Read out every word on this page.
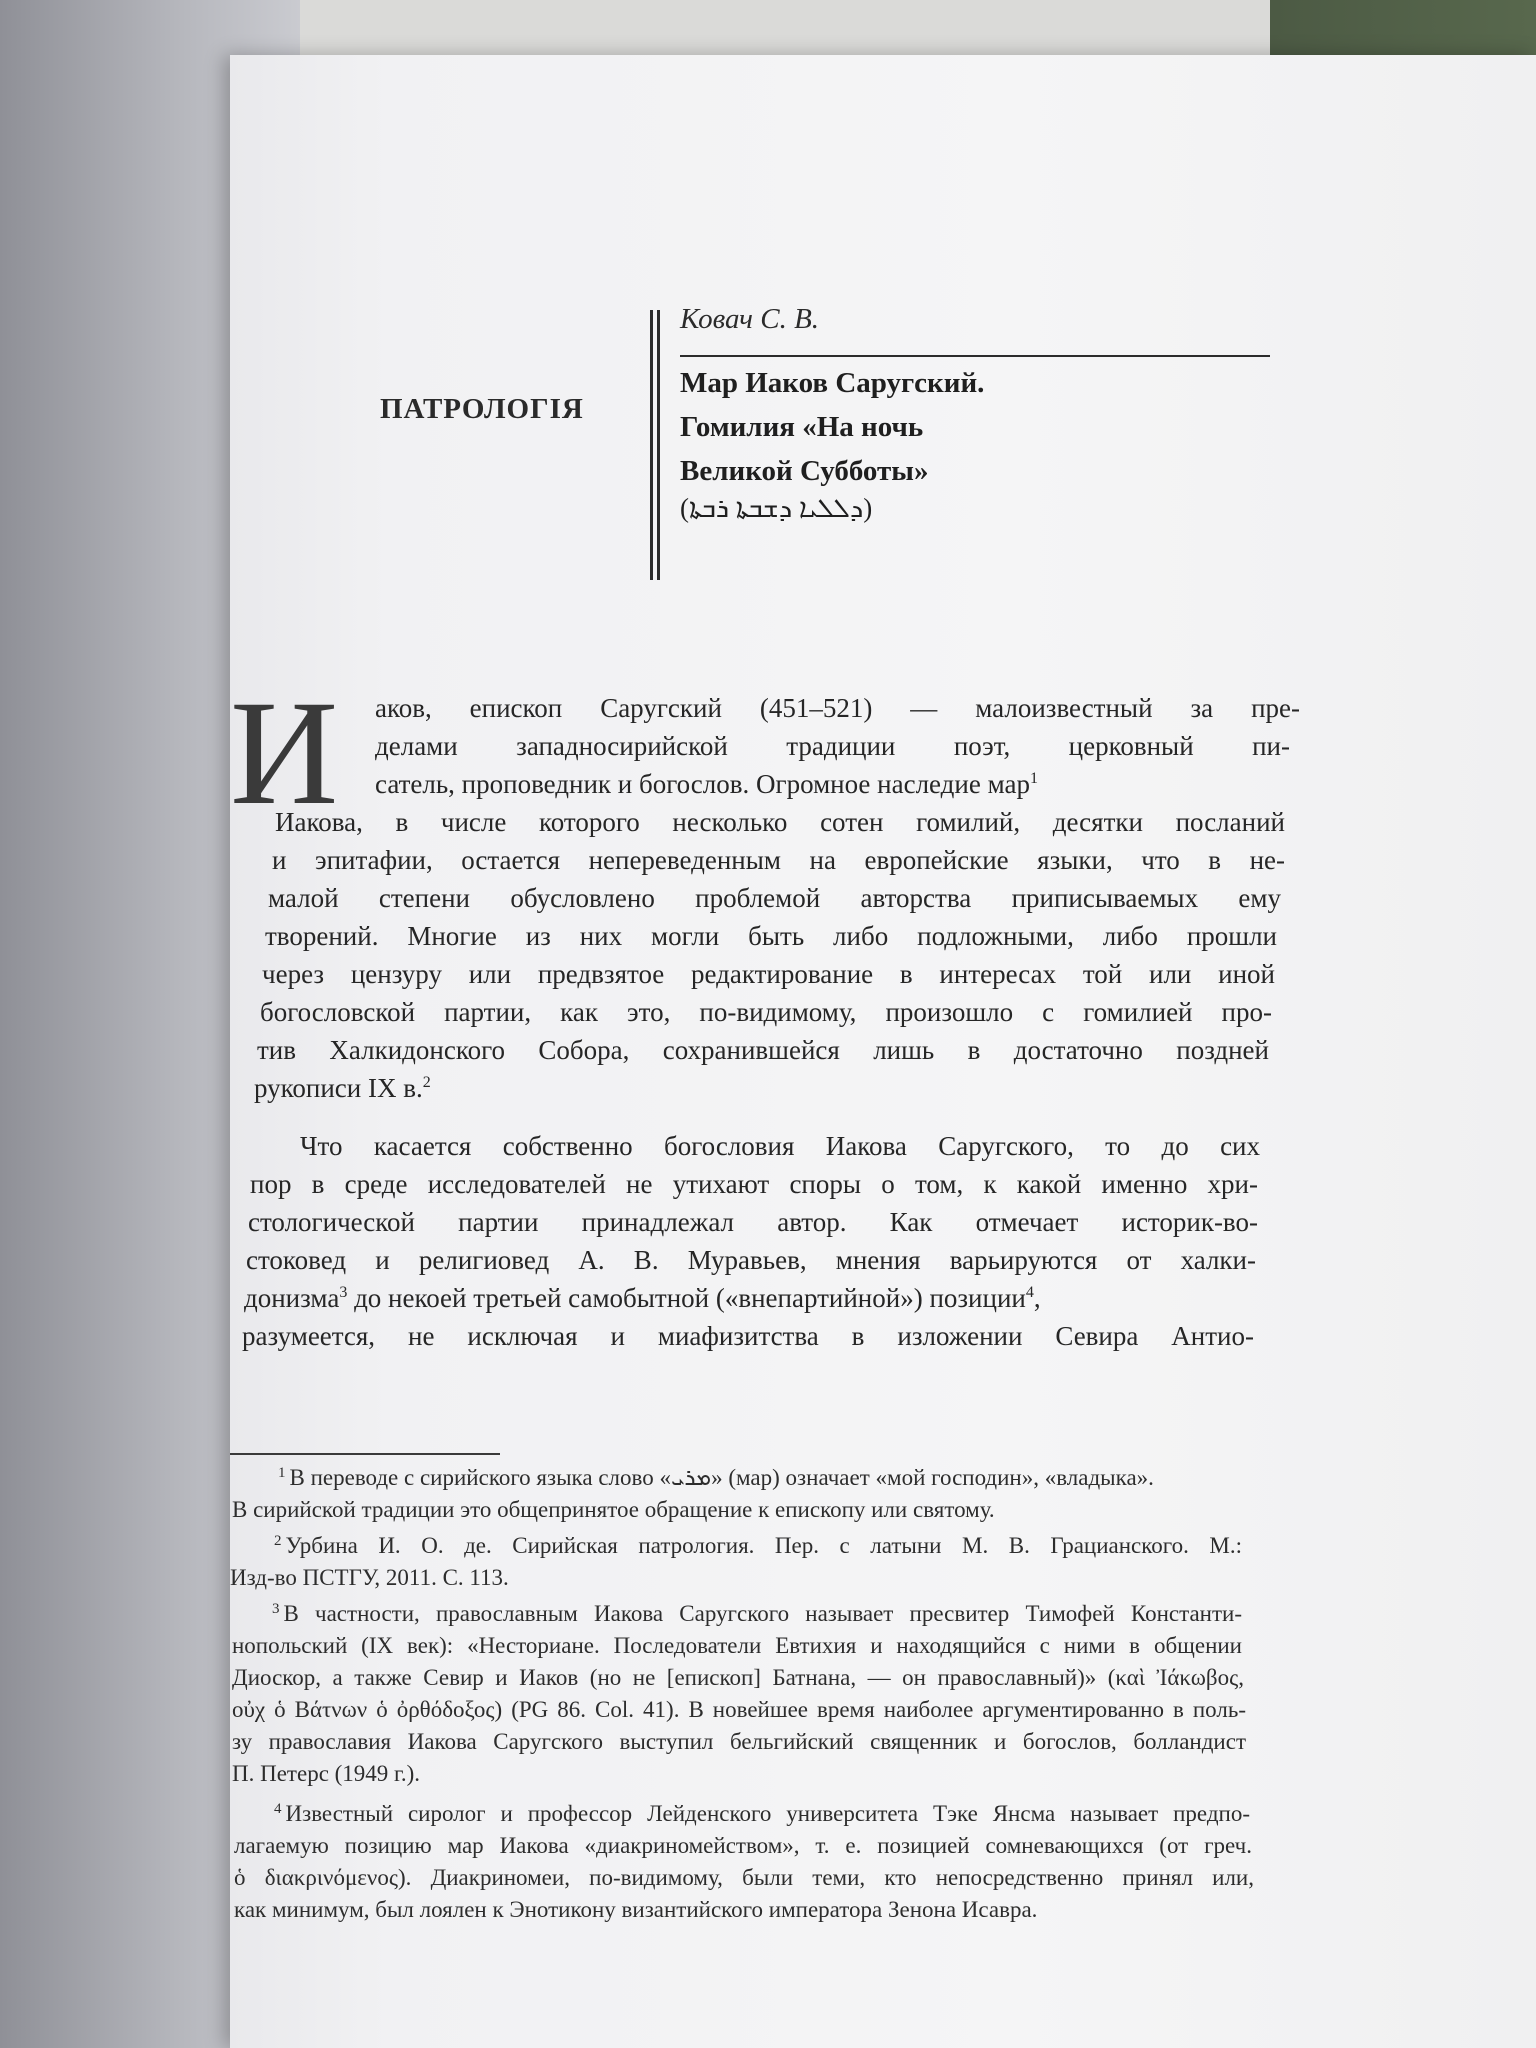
ПАТРОЛОГІЯ
Ковач С. В.
Мар Иаков Саругский.
Гомилия «На ночь
Великой Субботы»
(ܕܠܠܝܐ ܕܫܒܬܐ ܪܒܬܐ)
И аков, епископ Саругский (451–521) — малоизвестный за пре-
делами западносирийской традиции поэт, церковный пи-
сатель, проповедник и богослов. Огромное наследие мар$^1$
Иакова, в числе которого несколько сотен гомилий, десятки посланий
и эпитафии, остается непереведенным на европейские языки, что в не-
малой степени обусловлено проблемой авторства приписываемых ему
творений. Многие из них могли быть либо подложными, либо прошли
через цензуру или предвзятое редактирование в интересах той или иной
богословской партии, как это, по-видимому, произошло с гомилией про-
тив Халкидонского Собора, сохранившейся лишь в достаточно поздней
рукописи IX в.$^2$
Что касается собственно богословия Иакова Саругского, то до сих
пор в среде исследователей не утихают споры о том, к какой именно хри-
стологической партии принадлежал автор. Как отмечает историк-во-
стоковед и религиовед А. В. Муравьев, мнения варьируются от халки-
донизма$^3$ до некоей третьей самобытной («внепартийной») позиции$^4$,
разумеется, не исключая и миафизитства в изложении Севира Антио-
$^1$ В переводе с сирийского языка слово «ܡܪܝ» (мар) означает «мой господин», «владыка».
В сирийской традиции это общепринятое обращение к епископу или святому.
$^2$ Урбина И. О. де. Сирийская патрология. Пер. с латыни М. В. Грацианского. М.:
Изд-во ПСТГУ, 2011. С. 113.
$^3$ В частности, православным Иакова Саругского называет пресвитер Тимофей Константи-
нопольский (IX век): «Несториане. Последователи Евтихия и находящийся с ними в общении
Диоскор, а также Севир и Иаков (но не [епископ] Батнана, — он православный)» (καὶ Ἰάκωβος,
οὐχ ὁ Βάτνων ὁ ὀρθόδοξος) (PG 86. Col. 41). В новейшее время наиболее аргументированно в поль-
зу православия Иакова Саругского выступил бельгийский священник и богослов, болландист
П. Петерс (1949 г.).
$^4$ Известный сиролог и профессор Лейденского университета Тэке Янсма называет предпо-
лагаемую позицию мар Иакова «диакриномейством», т. е. позицией сомневающихся (от греч.
ὁ διακρινόμενος). Диакриномеи, по-видимому, были теми, кто непосредственно принял или,
как минимум, был лоялен к Энотикону византийского императора Зенона Исавра.
